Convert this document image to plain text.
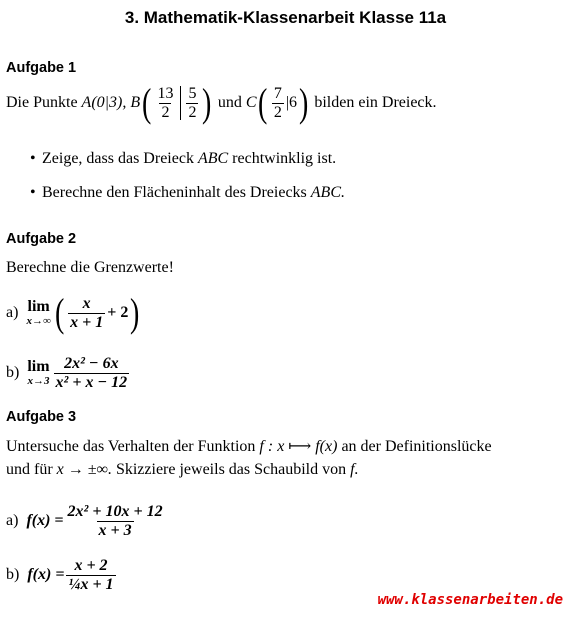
3. Mathematik-Klassenarbeit Klasse 11a
Aufgabe 1
Die Punkte
A(0|3),
B ( $\frac{13}{2} \frac{5}{2}$ )
und
C ( $\frac{7}{2} |6$ )
bilden ein Dreieck.
• Zeige, dass das Dreieck ABC rechtwinklig ist.
• Berechne den Flächeninhalt des Dreiecks ABC.
Aufgabe 2
Berechne die Grenzwerte!
a)
lim
x→∞ ( $\frac{x}{x + 1} + 2$ )
b)
lim
$x\to 3 \frac{\text{2x² − 6x}}{\text{x² + x − 12}}$
Aufgabe 3
Untersuche das Verhalten der Funktion f : x ⟼ f(x) an der Definitionslücke
und für x → ±∞. Skizziere jeweils das Schaubild von f.
a)
$f(x) = \frac{\text{2x² + 10x + 12}}{x + 3}$
b)
$f(x) = \frac{x + 2}{\text{¼x + 1}}$
www.klassenarbeiten.de
